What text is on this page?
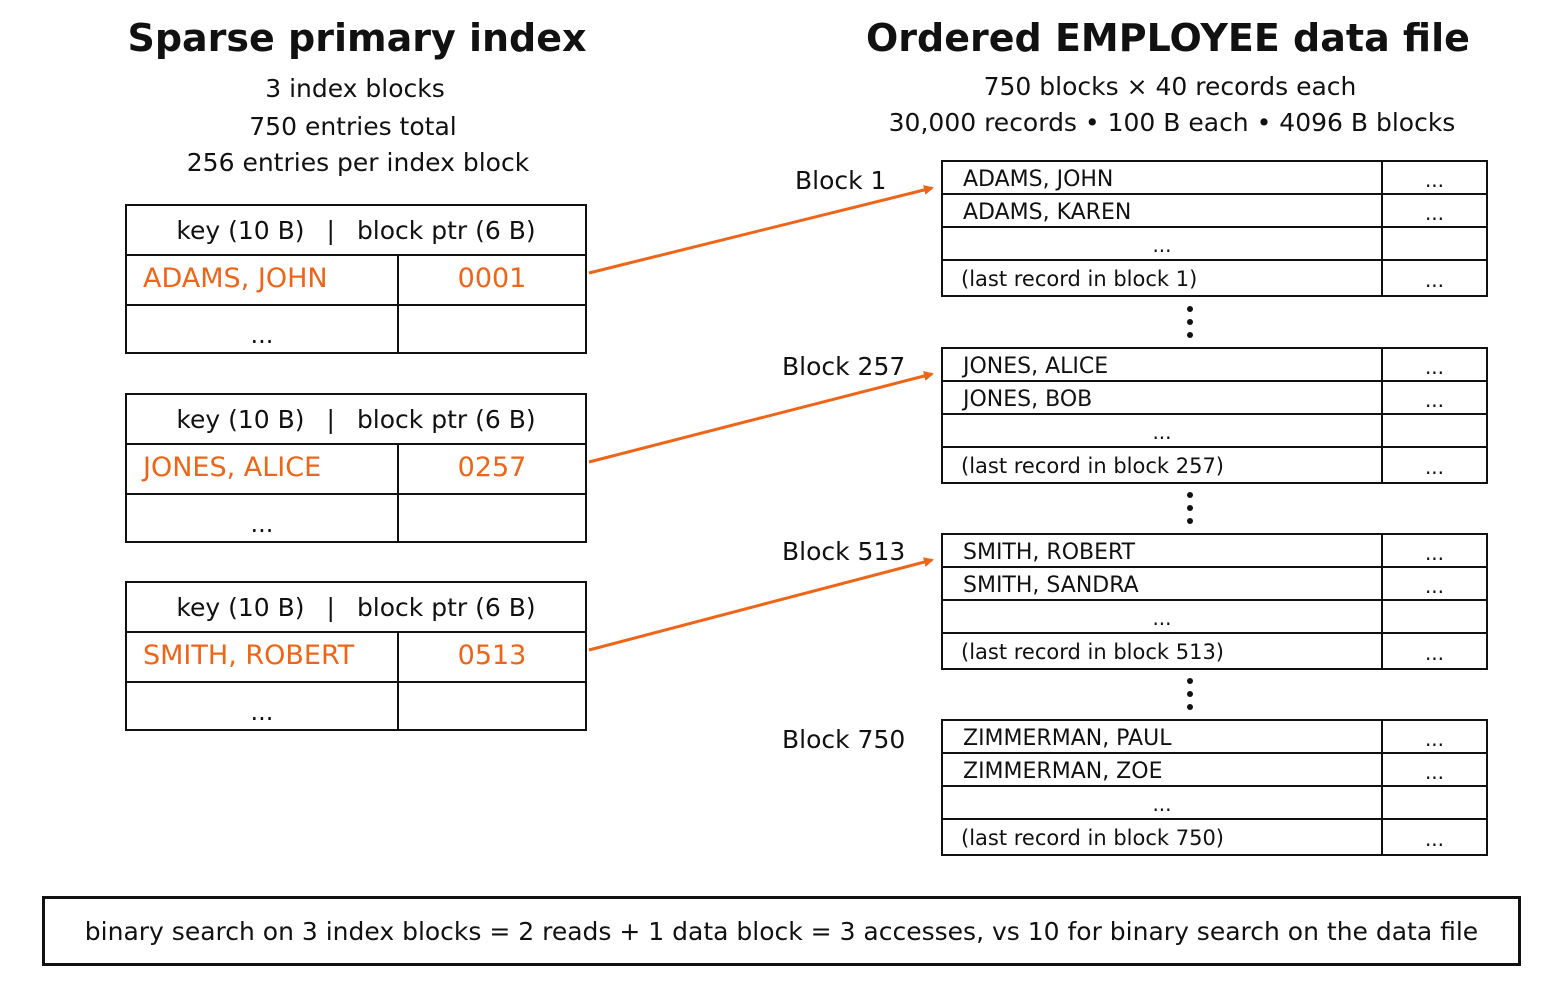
Sparse primary index
3 index blocks
750 entries total
256 entries per index block
Ordered EMPLOYEE data file
750 blocks × 40 records each
30,000 records • 100 B each • 4096 B blocks
key (10 B) | block ptr (6 B)
ADAMS, JOHN	0001
...
key (10 B) | block ptr (6 B)
JONES, ALICE	0257
...
key (10 B) | block ptr (6 B)
SMITH, ROBERT	0513
...
Block 1
Block 257
Block 513
Block 750
ADAMS, JOHN	...
ADAMS, KAREN	...
...
(last record in block 1)	...
JONES, ALICE	...
JONES, BOB	...
...
(last record in block 257)	...
SMITH, ROBERT	...
SMITH, SANDRA	...
...
(last record in block 513)	...
ZIMMERMAN, PAUL	...
ZIMMERMAN, ZOE	...
...
(last record in block 750)	...
binary search on 3 index blocks = 2 reads + 1 data block = 3 accesses, vs 10 for binary search on the data file
